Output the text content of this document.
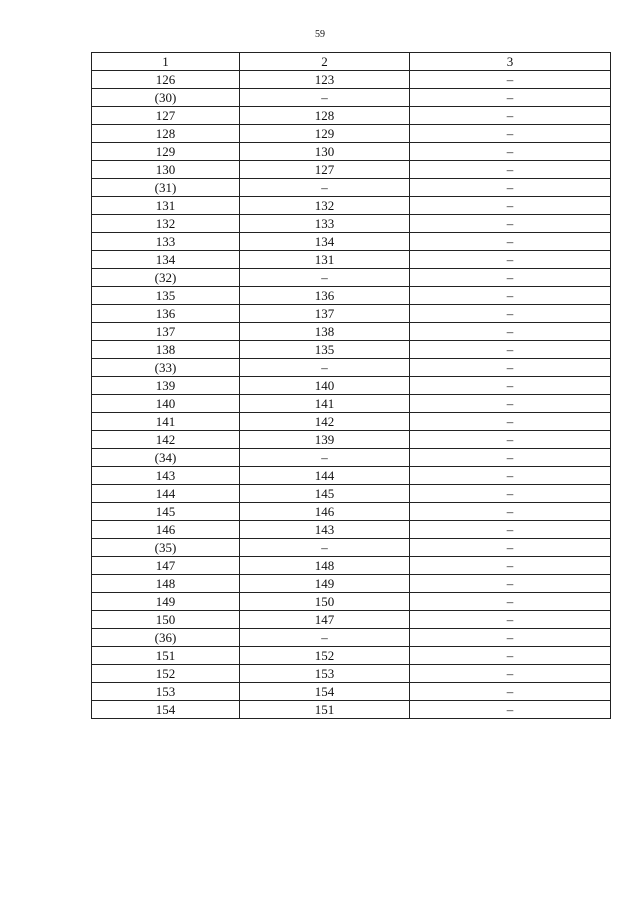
59
1	2	3
126	123	–
(30)	–	–
127	128	–
128	129	–
129	130	–
130	127	–
(31)	–	–
131	132	–
132	133	–
133	134	–
134	131	–
(32)	–	–
135	136	–
136	137	–
137	138	–
138	135	–
(33)	–	–
139	140	–
140	141	–
141	142	–
142	139	–
(34)	–	–
143	144	–
144	145	–
145	146	–
146	143	–
(35)	–	–
147	148	–
148	149	–
149	150	–
150	147	–
(36)	–	–
151	152	–
152	153	–
153	154	–
154	151	–
